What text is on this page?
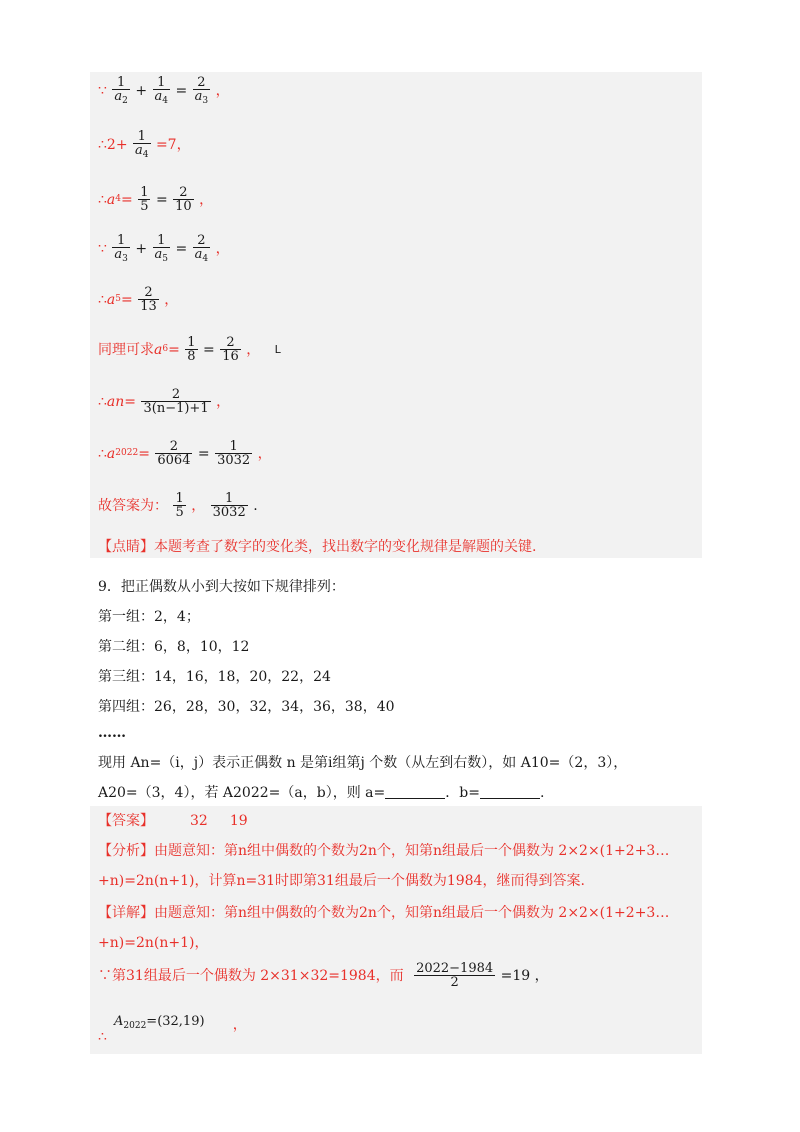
∵ $\frac{1}{a_2} + \frac{1}{a_4} = \frac{2}{a_3}$ ，
∴2+ $\frac{1}{a_4} =7$，
∴a4= $\frac{1}{5} = \frac{2}{10}$ ，
∵ $\frac{1}{a_3} + \frac{1}{a_5} = \frac{2}{a_4}$ ，
∴a5= $\frac{2}{13}$ ，
同理可求$a6= \frac{1}{8} = \frac{2}{16}$ ， L
∴an= $\frac{2}{3(n-1)+1}$ ，
∴a2022= $\frac{2}{6064} = \frac{1}{3032}$ ，
故答案为： $\frac{1}{5}$ ， $\frac{1}{3032}$ .
【点睛】本题考查了数字的变化类，找出数字的变化规律是解题的关键.
9．把正偶数从小到大按如下规律排列：
第一组：2，4；
第二组：6，8，10，12
第三组：14，16，18，20，22，24
第四组：26，28，30，32，34，36，38，40
……
现用 An=（i，j）表示正偶数 n 是第i组第j 个数（从左到右数），如 A10=（2，3），
A20=（3，4），若 A2022=（a，b），则 a=	．b=	.
【答案】	32 19
【分析】由题意知：第n组中偶数的个数为2n个，知第n组最后一个偶数为 2×2×(1+2+3…
+n)=2n(n+1)，计算n=31时即第31组最后一个偶数为1984，继而得到答案.
【详解】由题意知：第n组中偶数的个数为2n个，知第n组最后一个偶数为 2×2×(1+2+3…
+n)=2n(n+1)，
∵第31组最后一个偶数为 2×31×32=1984，而 $\frac{2022-1984}{2} =19$ ，
$A_{2022}=(32,19)$ ，
∴
